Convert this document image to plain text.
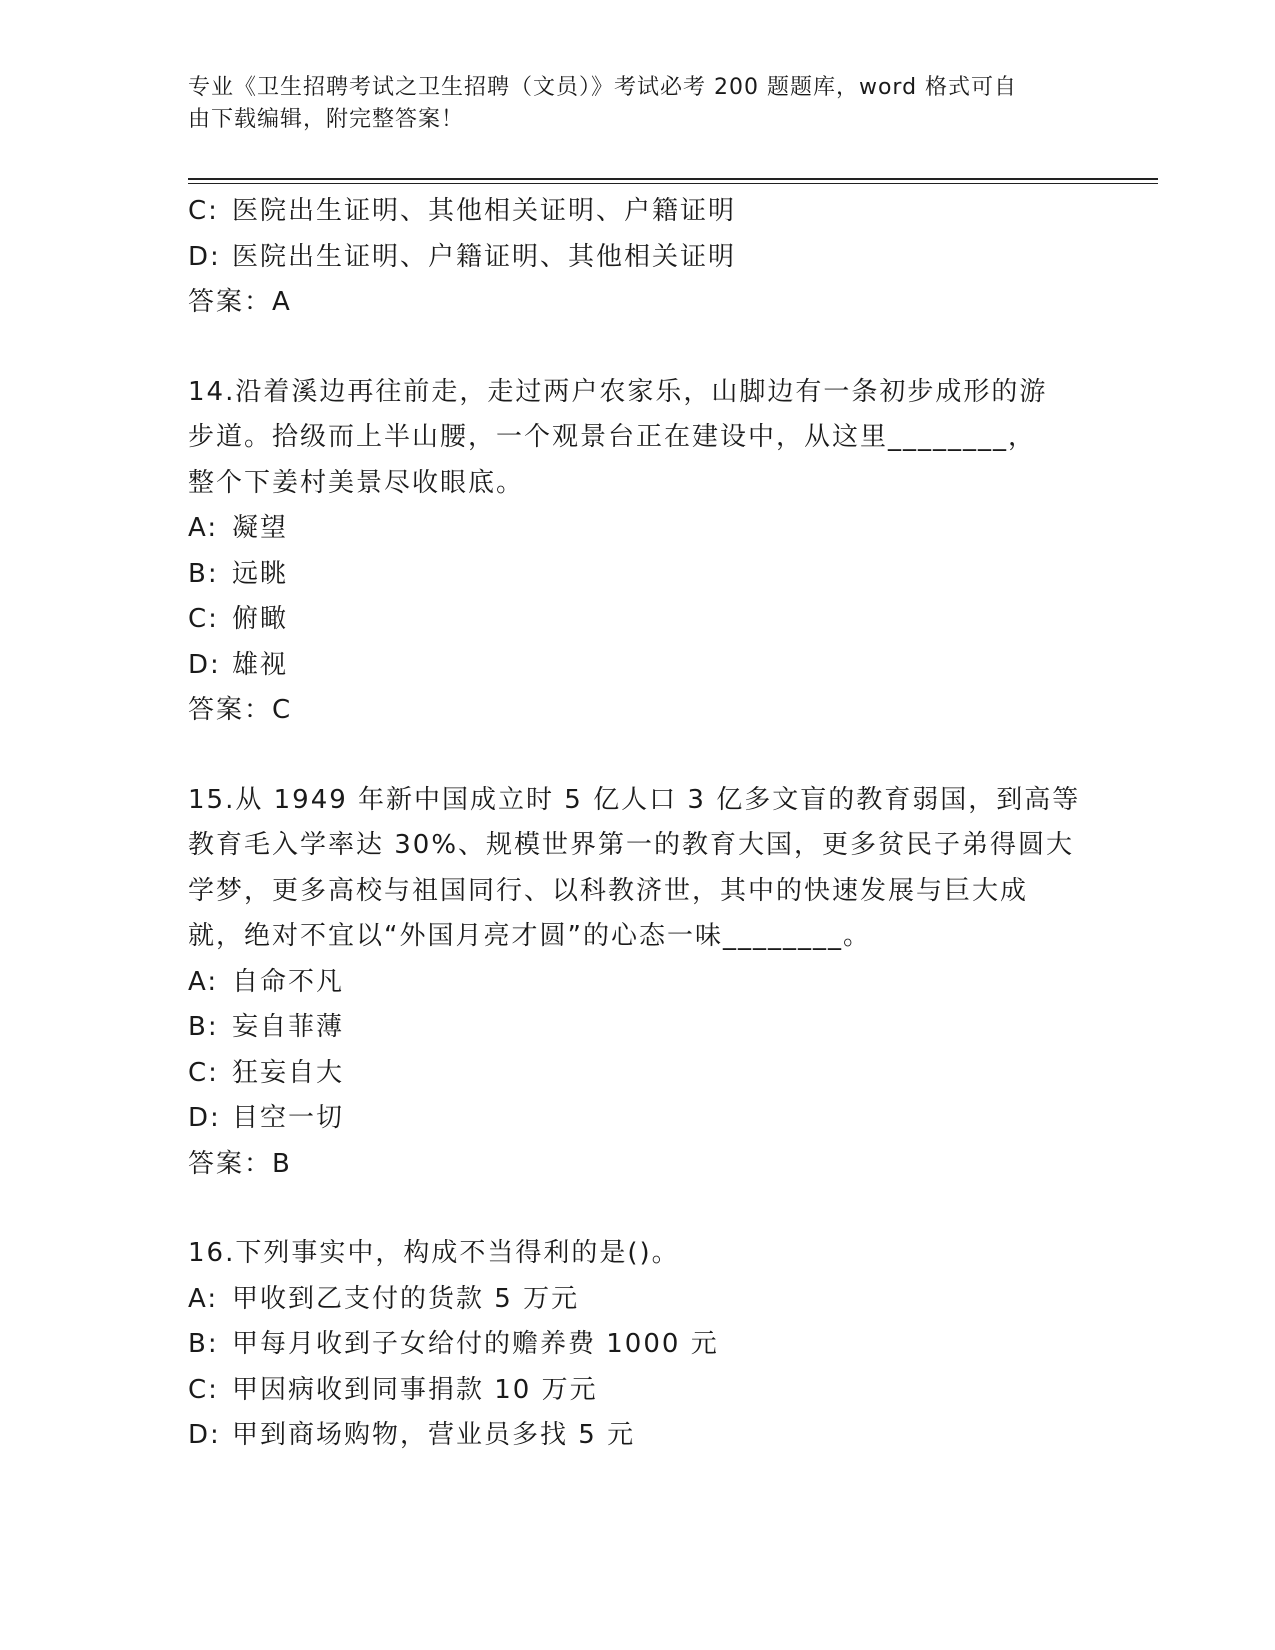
专业《卫生招聘考试之卫生招聘（文员）》考试必考 200 题题库，word 格式可自
由下载编辑，附完整答案！
C: 医院出生证明、其他相关证明、户籍证明
D: 医院出生证明、户籍证明、其他相关证明
答案：A
14.沿着溪边再往前走，走过两户农家乐，山脚边有一条初步成形的游
步道。拾级而上半山腰，一个观景台正在建设中，从这里________，
整个下姜村美景尽收眼底。
A: 凝望
B: 远眺
C: 俯瞰
D: 雄视
答案：C
15.从 1949 年新中国成立时 5 亿人口 3 亿多文盲的教育弱国，到高等
教育毛入学率达 30%、规模世界第一的教育大国，更多贫民子弟得圆大
学梦，更多高校与祖国同行、以科教济世，其中的快速发展与巨大成
就，绝对不宜以“外国月亮才圆”的心态一味________。
A: 自命不凡
B: 妄自菲薄
C: 狂妄自大
D: 目空一切
答案：B
16.下列事实中，构成不当得利的是()。
A: 甲收到乙支付的货款 5 万元
B: 甲每月收到子女给付的赡养费 1000 元
C: 甲因病收到同事捐款 10 万元
D: 甲到商场购物，营业员多找 5 元
